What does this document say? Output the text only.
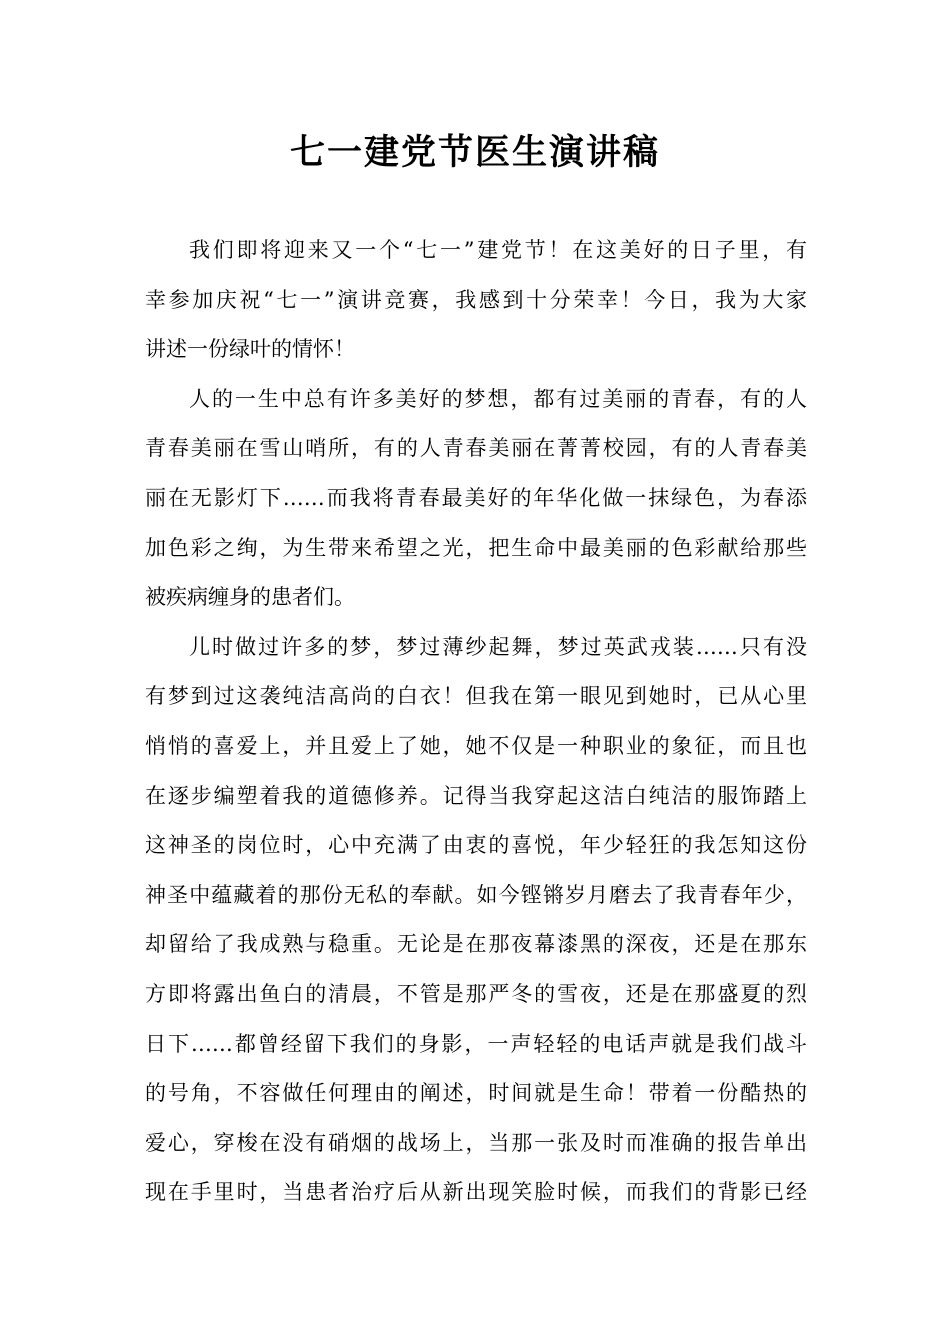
七一建党节医生演讲稿
我们即将迎来又一个“七一”建党节！在这美好的日子里，有
幸参加庆祝“七一”演讲竞赛，我感到十分荣幸！今日，我为大家
讲述一份绿叶的情怀！
人的一生中总有许多美好的梦想，都有过美丽的青春，有的人
青春美丽在雪山哨所，有的人青春美丽在菁菁校园，有的人青春美
丽在无影灯下……而我将青春最美好的年华化做一抹绿色，为春添
加色彩之绚，为生带来希望之光，把生命中最美丽的色彩献给那些
被疾病缠身的患者们。
儿时做过许多的梦，梦过薄纱起舞，梦过英武戎装……只有没
有梦到过这袭纯洁高尚的白衣！但我在第一眼见到她时，已从心里
悄悄的喜爱上，并且爱上了她，她不仅是一种职业的象征，而且也
在逐步编塑着我的道德修养。记得当我穿起这洁白纯洁的服饰踏上
这神圣的岗位时，心中充满了由衷的喜悦，年少轻狂的我怎知这份
神圣中蕴藏着的那份无私的奉献。如今铿锵岁月磨去了我青春年少，
却留给了我成熟与稳重。无论是在那夜幕漆黑的深夜，还是在那东
方即将露出鱼白的清晨，不管是那严冬的雪夜，还是在那盛夏的烈
日下……都曾经留下我们的身影，一声轻轻的电话声就是我们战斗
的号角，不容做任何理由的阐述，时间就是生命！带着一份酷热的
爱心，穿梭在没有硝烟的战场上，当那一张及时而准确的报告单出
现在手里时，当患者治疗后从新出现笑脸时候，而我们的背影已经
